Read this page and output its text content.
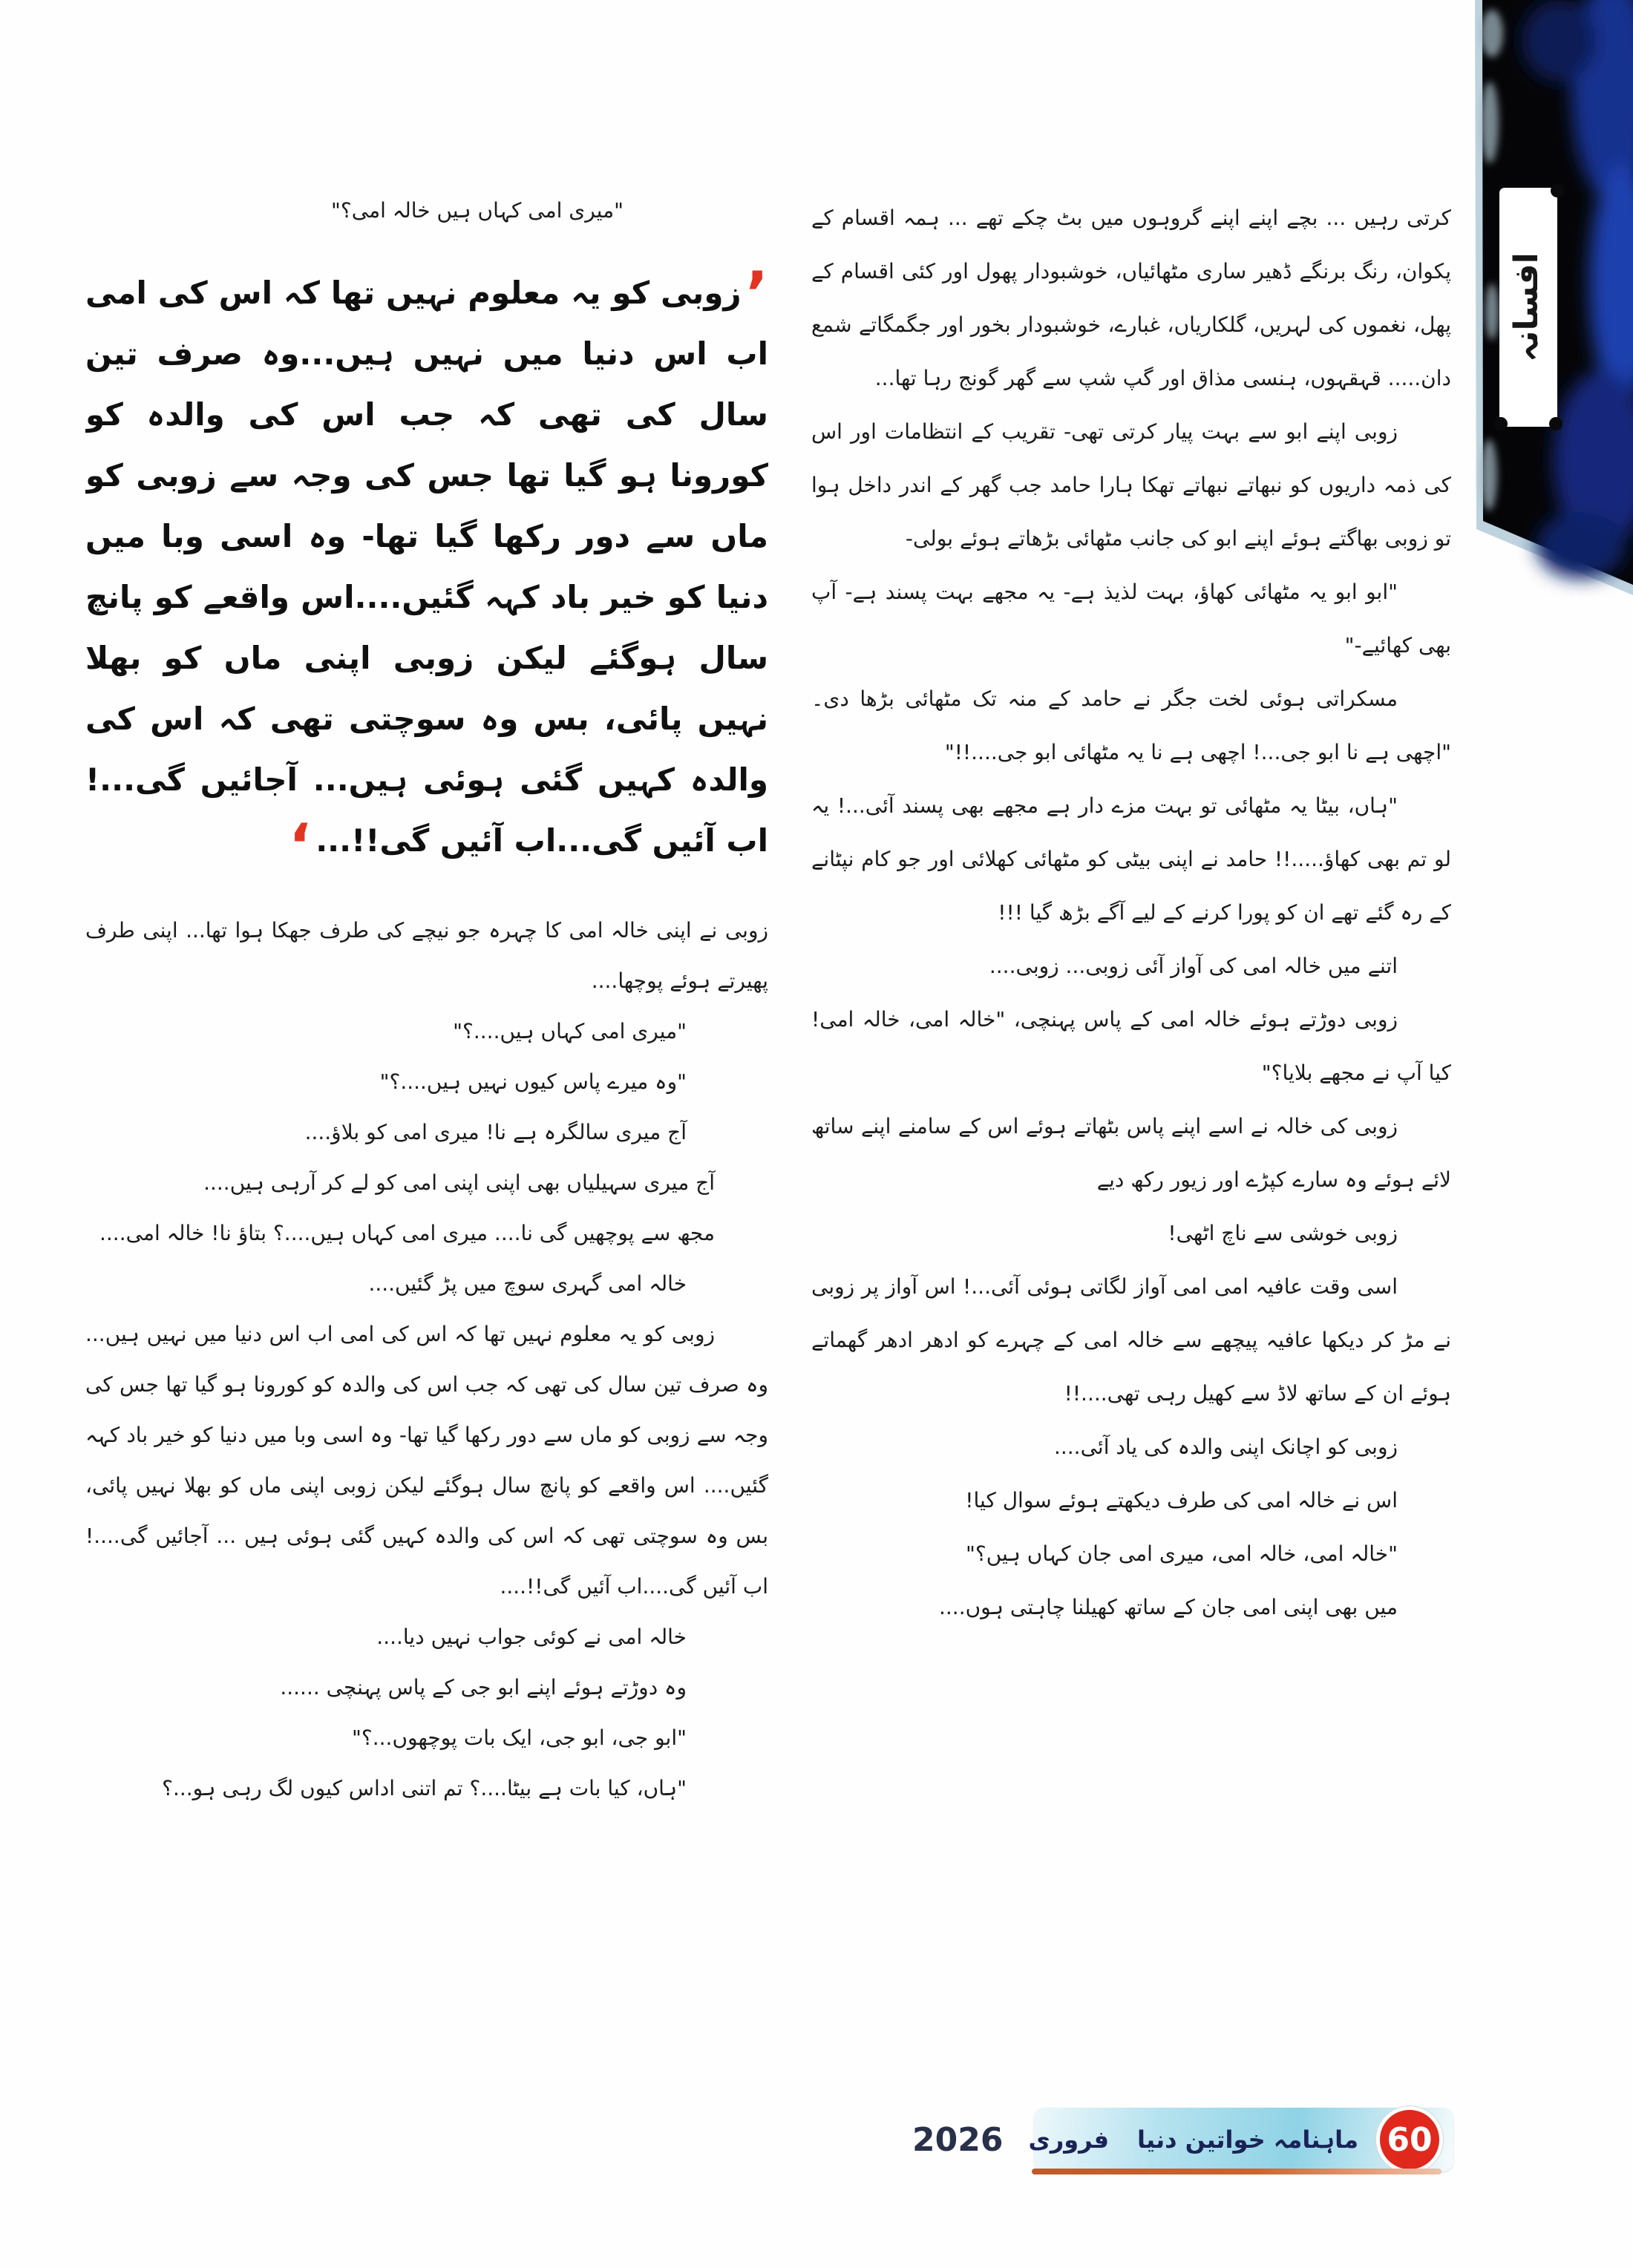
افسانہ

"میری امی کہاں ہیں خالہ امی؟"

’زوبی کو یہ معلوم نہیں تھا کہ اس کی امی اب اس دنیا میں نہیں ہیں...وہ صرف تین سال کی تھی کہ جب اس کی والدہ کو کورونا ہو گیا تھا جس کی وجہ سے زوبی کو ماں سے دور رکھا گیا تھا- وہ اسی وبا میں دنیا کو خیر باد کہہ گئیں....اس واقعے کو پانچ سال ہوگئے لیکن زوبی اپنی ماں کو بھلا نہیں پائی، بس وہ سوچتی تھی کہ اس کی والدہ کہیں گئی ہوئی ہیں... آجائیں گی...! اب آئیں گی...اب آئیں گی!!...‘

زوبی نے اپنی خالہ امی کا چہرہ جو نیچے کی طرف جھکا ہوا تھا... اپنی طرف پھیرتے ہوئے پوچھا....

"میری امی کہاں ہیں....؟"

"وہ میرے پاس کیوں نہیں ہیں....؟"

آج میری سالگرہ ہے نا! میری امی کو بلاؤ....

آج میری سہیلیاں بھی اپنی اپنی امی کو لے کر آرہی ہیں....

مجھ سے پوچھیں گی نا.... میری امی کہاں ہیں....؟ بتاؤ نا! خالہ امی....

خالہ امی گہری سوچ میں پڑ گئیں....

زوبی کو یہ معلوم نہیں تھا کہ اس کی امی اب اس دنیا میں نہیں ہیں... وہ صرف تین سال کی تھی کہ جب اس کی والدہ کو کورونا ہو گیا تھا جس کی وجہ سے زوبی کو ماں سے دور رکھا گیا تھا- وہ اسی وبا میں دنیا کو خیر باد کہہ گئیں.... اس واقعے کو پانچ سال ہوگئے لیکن زوبی اپنی ماں کو بھلا نہیں پائی، بس وہ سوچتی تھی کہ اس کی والدہ کہیں گئی ہوئی ہیں ... آجائیں گی....! اب آئیں گی....اب آئیں گی!!....

خالہ امی نے کوئی جواب نہیں دیا....

وہ دوڑتے ہوئے اپنے ابو جی کے پاس پہنچی ......

"ابو جی، ابو جی، ایک بات پوچھوں...؟"

"ہاں، کیا بات ہے بیٹا....؟ تم اتنی اداس کیوں لگ رہی ہو...؟

کرتی رہیں ... بچے اپنے اپنے گروہوں میں بٹ چکے تھے ... ہمہ اقسام کے پکوان، رنگ برنگے ڈھیر ساری مٹھائیاں، خوشبودار پھول اور کئی اقسام کے پھل، نغموں کی لہریں، گلکاریاں، غبارے، خوشبودار بخور اور جگمگاتے شمع دان..... قہقہوں، ہنسی مذاق اور گپ شپ سے گھر گونج رہا تھا...

زوبی اپنے ابو سے بہت پیار کرتی تھی- تقریب کے انتظامات اور اس کی ذمہ داریوں کو نبھاتے نبھاتے تھکا ہارا حامد جب گھر کے اندر داخل ہوا تو زوبی بھاگتے ہوئے اپنے ابو کی جانب مٹھائی بڑھاتے ہوئے بولی-

"ابو ابو یہ مٹھائی کھاؤ، بہت لذیذ ہے- یہ مجھے بہت پسند ہے- آپ بھی کھائیے-"

مسکراتی ہوئی لخت جگر نے حامد کے منہ تک مٹھائی بڑھا دی۔ "اچھی ہے نا ابو جی...! اچھی ہے نا یہ مٹھائی ابو جی....!!"

"ہاں، بیٹا یہ مٹھائی تو بہت مزے دار ہے مجھے بھی پسند آئی...! یہ لو تم بھی کھاؤ.....!! حامد نے اپنی بیٹی کو مٹھائی کھلائی اور جو کام نپٹانے کے رہ گئے تھے ان کو پورا کرنے کے لیے آگے بڑھ گیا !!!

اتنے میں خالہ امی کی آواز آئی زوبی... زوبی....

زوبی دوڑتے ہوئے خالہ امی کے پاس پہنچی، "خالہ امی، خالہ امی! کیا آپ نے مجھے بلایا؟"

زوبی کی خالہ نے اسے اپنے پاس بٹھاتے ہوئے اس کے سامنے اپنے ساتھ لائے ہوئے وہ سارے کپڑے اور زیور رکھ دیے

زوبی خوشی سے ناچ اٹھی!

اسی وقت عافیہ امی امی آواز لگاتی ہوئی آئی...! اس آواز پر زوبی نے مڑ کر دیکھا عافیہ پیچھے سے خالہ امی کے چہرے کو ادھر ادھر گھماتے ہوئے ان کے ساتھ لاڈ سے کھیل رہی تھی....!!

زوبی کو اچانک اپنی والدہ کی یاد آئی....

اس نے خالہ امی کی طرف دیکھتے ہوئے سوال کیا!

"خالہ امی، خالہ امی، میری امی جان کہاں ہیں؟"

میں بھی اپنی امی جان کے ساتھ کھیلنا چاہتی ہوں....

60
ماہنامہ خواتین دنیا
فروری
2026
